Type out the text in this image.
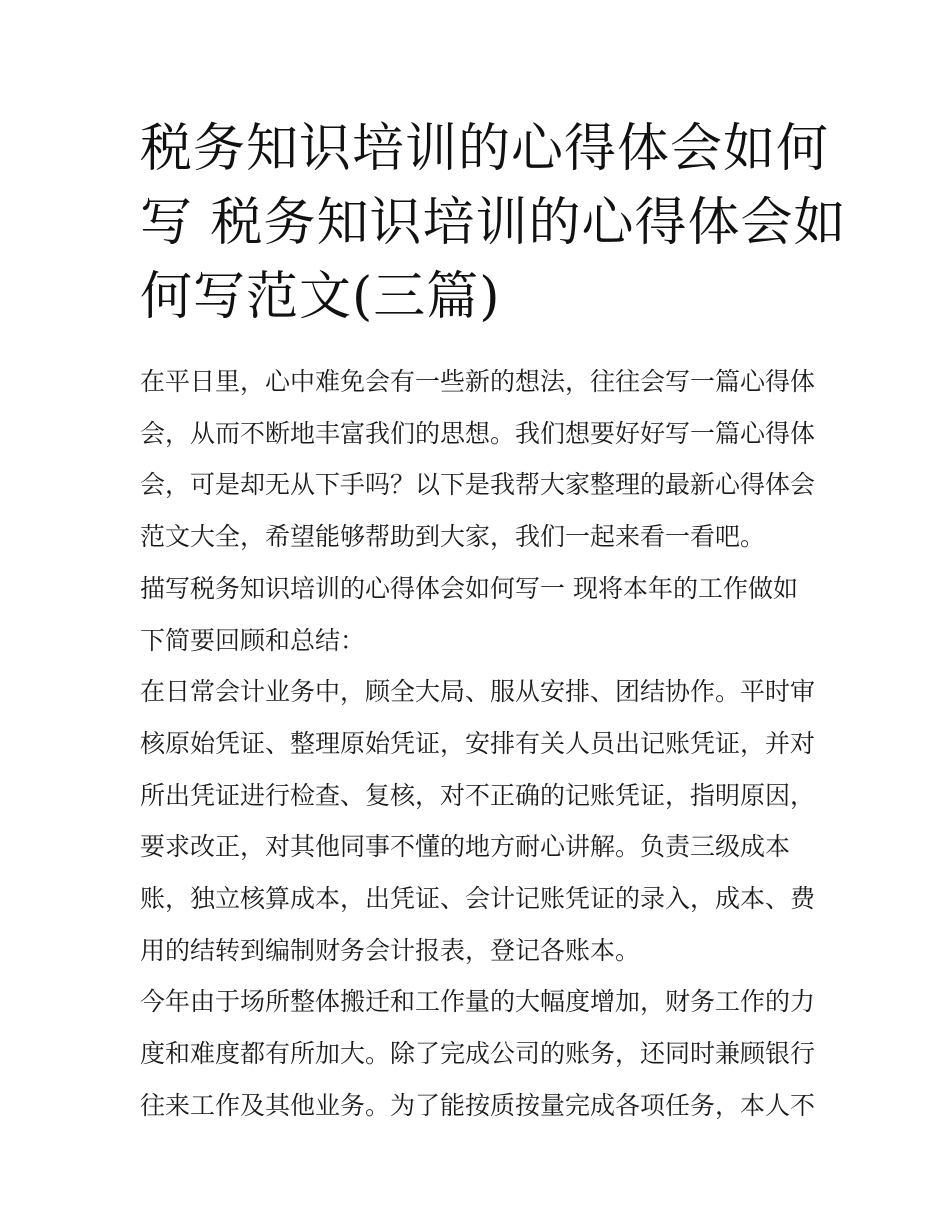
税务知识培训的心得体会如何
写 税务知识培训的心得体会如
何写范文(三篇)
在平日里，心中难免会有一些新的想法，往往会写一篇心得体
会，从而不断地丰富我们的思想。我们想要好好写一篇心得体
会，可是却无从下手吗？以下是我帮大家整理的最新心得体会
范文大全，希望能够帮助到大家，我们一起来看一看吧。
描写税务知识培训的心得体会如何写一 现将本年的工作做如
下简要回顾和总结：
在日常会计业务中，顾全大局、服从安排、团结协作。平时审
核原始凭证、整理原始凭证，安排有关人员出记账凭证，并对
所出凭证进行检查、复核，对不正确的记账凭证，指明原因，
要求改正，对其他同事不懂的地方耐心讲解。负责三级成本
账，独立核算成本，出凭证、会计记账凭证的录入，成本、费
用的结转到编制财务会计报表，登记各账本。
今年由于场所整体搬迁和工作量的大幅度增加，财务工作的力
度和难度都有所加大。除了完成公司的账务，还同时兼顾银行
往来工作及其他业务。为了能按质按量完成各项任务，本人不
